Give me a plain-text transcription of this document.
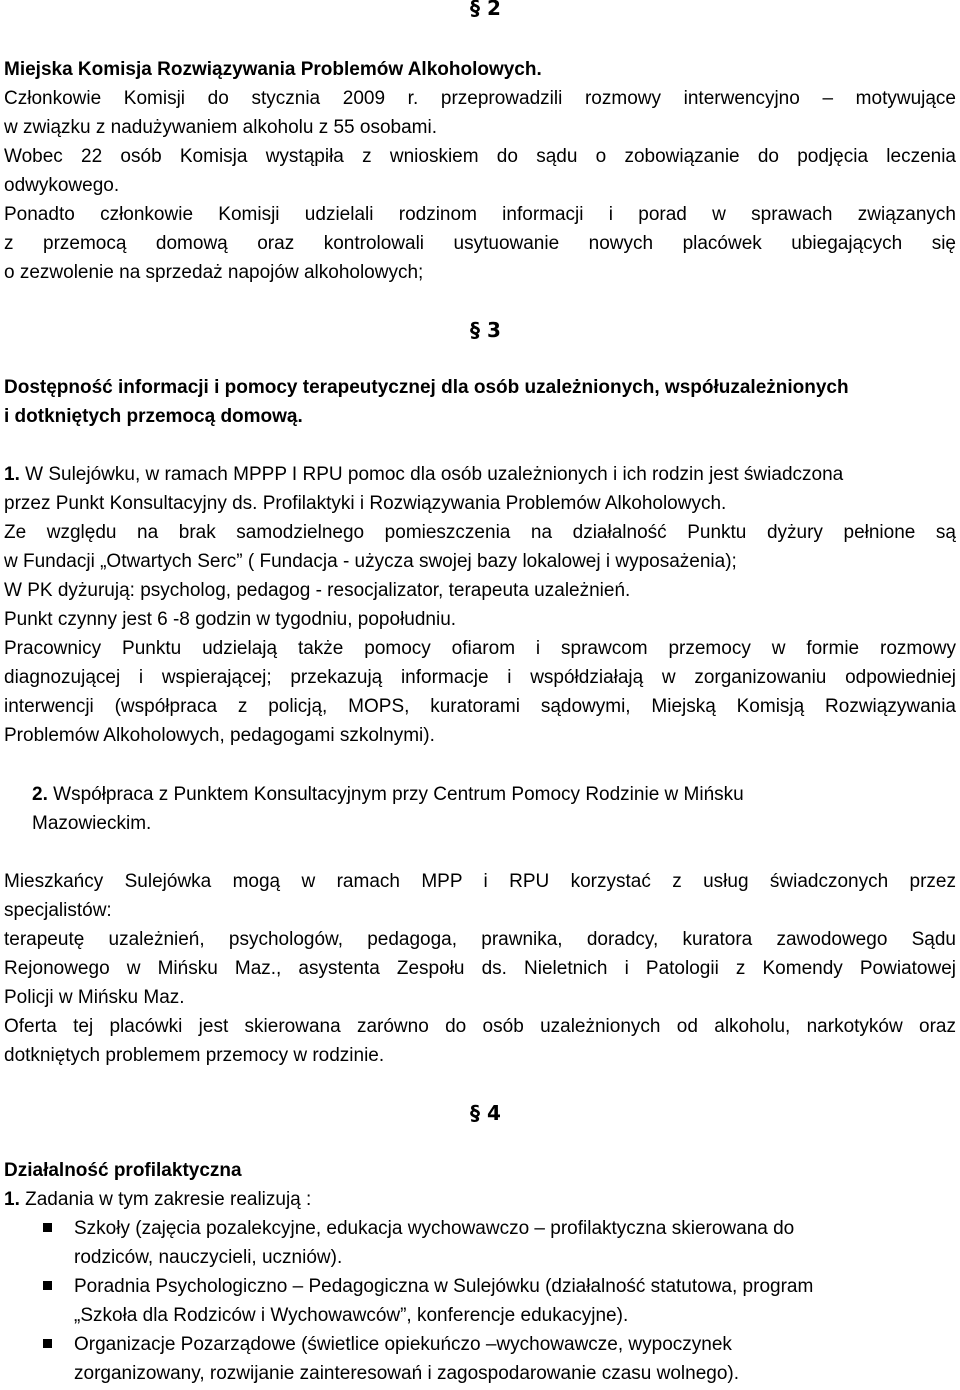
§ 2
Miejska Komisja Rozwiązywania Problemów Alkoholowych.
Członkowie Komisji do stycznia 2009 r. przeprowadzili rozmowy interwencyjno – motywujące
w związku z nadużywaniem alkoholu z 55 osobami.
Wobec 22 osób Komisja wystąpiła z wnioskiem do sądu o zobowiązanie do podjęcia leczenia
odwykowego.
Ponadto członkowie Komisji udzielali rodzinom informacji i porad w sprawach związanych
z przemocą domową oraz kontrolowali usytuowanie nowych placówek ubiegających się
o zezwolenie na sprzedaż napojów alkoholowych;
§ 3
Dostępność informacji i pomocy terapeutycznej dla osób uzależnionych, współuzależnionych
i dotkniętych przemocą domową.
1. W Sulejówku, w ramach MPPP I RPU pomoc dla osób uzależnionych i ich rodzin jest świadczona
przez Punkt Konsultacyjny ds. Profilaktyki i Rozwiązywania Problemów Alkoholowych.
Ze względu na brak samodzielnego pomieszczenia na działalność Punktu dyżury pełnione są
w Fundacji „Otwartych Serc” ( Fundacja - użycza swojej bazy lokalowej i wyposażenia);
W PK dyżurują: psycholog, pedagog - resocjalizator, terapeuta uzależnień.
Punkt czynny jest 6 -8 godzin w tygodniu, popołudniu.
Pracownicy Punktu udzielają także pomocy ofiarom i sprawcom przemocy w formie rozmowy
diagnozującej i wspierającej; przekazują informacje i współdziałają w zorganizowaniu odpowiedniej
interwencji (współpraca z policją, MOPS, kuratorami sądowymi, Miejską Komisją Rozwiązywania
Problemów Alkoholowych, pedagogami szkolnymi).
2. Współpraca z Punktem Konsultacyjnym przy Centrum Pomocy Rodzinie w Mińsku
Mazowieckim.
Mieszkańcy Sulejówka mogą w ramach MPP i RPU korzystać z usług świadczonych przez
specjalistów:
terapeutę uzależnień, psychologów, pedagoga, prawnika, doradcy, kuratora zawodowego Sądu
Rejonowego w Mińsku Maz., asystenta Zespołu ds. Nieletnich i Patologii z Komendy Powiatowej
Policji w Mińsku Maz.
Oferta tej placówki jest skierowana zarówno do osób uzależnionych od alkoholu, narkotyków oraz
dotkniętych problemem przemocy w rodzinie.
§ 4
Działalność profilaktyczna
1. Zadania w tym zakresie realizują :
Szkoły (zajęcia pozalekcyjne, edukacja wychowawczo – profilaktyczna skierowana do
rodziców, nauczycieli, uczniów).
Poradnia Psychologiczno – Pedagogiczna w Sulejówku (działalność statutowa, program
„Szkoła dla Rodziców i Wychowawców”, konferencje edukacyjne).
Organizacje Pozarządowe (świetlice opiekuńczo –wychowawcze, wypoczynek
zorganizowany, rozwijanie zainteresowań i zagospodarowanie czasu wolnego).
